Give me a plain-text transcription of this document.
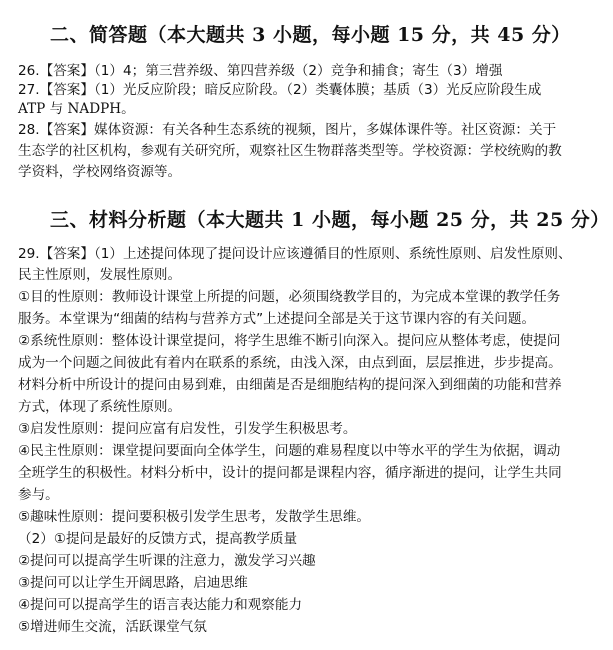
二、简答题（本大题共 3 小题，每小题 15 分，共 45 分）
26.【答案】（1）4；第三营养级、第四营养级（2）竞争和捕食；寄生（3）增强
27.【答案】（1）光反应阶段；暗反应阶段。（2）类囊体膜；基质（3）光反应阶段生成
ATP 与 NADPH。
28.【答案】媒体资源：有关各种生态系统的视频，图片，多媒体课件等。社区资源：关于
生态学的社区机构，参观有关研究所，观察社区生物群落类型等。学校资源：学校统购的教
学资料，学校网络资源等。
三、材料分析题（本大题共 1 小题，每小题 25 分，共 25 分）
29.【答案】（1）上述提问体现了提问设计应该遵循目的性原则、系统性原则、启发性原则、
民主性原则，发展性原则。
①目的性原则：教师设计课堂上所提的问题，必须围绕教学目的，为完成本堂课的教学任务
服务。本堂课为“细菌的结构与营养方式”上述提问全部是关于这节课内容的有关问题。
②系统性原则：整体设计课堂提问，将学生思维不断引向深入。提问应从整体考虑，使提问
成为一个问题之间彼此有着内在联系的系统，由浅入深，由点到面，层层推进，步步提高。
材料分析中所设计的提问由易到难，由细菌是否是细胞结构的提问深入到细菌的功能和营养
方式，体现了系统性原则。
③启发性原则：提问应富有启发性，引发学生积极思考。
④民主性原则：课堂提问要面向全体学生，问题的难易程度以中等水平的学生为依据，调动
全班学生的积极性。材料分析中，设计的提问都是课程内容，循序渐进的提问，让学生共同
参与。
⑤趣味性原则：提问要积极引发学生思考，发散学生思维。
（2）①提问是最好的反馈方式，提高教学质量
②提问可以提高学生听课的注意力，激发学习兴趣
③提问可以让学生开阔思路，启迪思维
④提问可以提高学生的语言表达能力和观察能力
⑤增进师生交流，活跃课堂气氛
